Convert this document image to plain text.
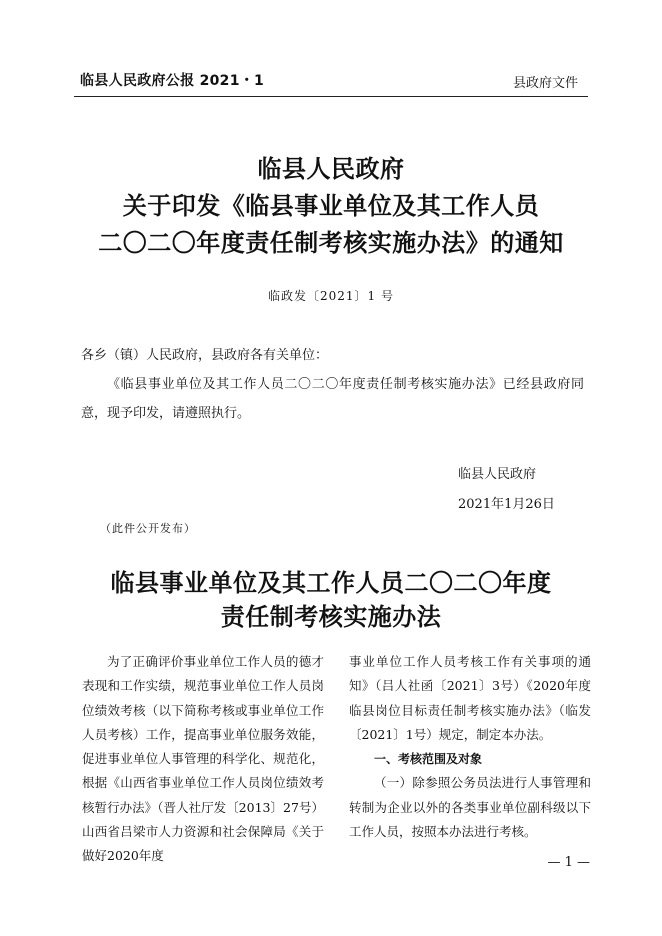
临县人民政府公报 2021・1	县政府文件
临县人民政府
关于印发《临县事业单位及其工作人员
二〇二〇年度责任制考核实施办法》的通知
临政发〔2021〕1 号
各乡（镇）人民政府，县政府各有关单位：
《临县事业单位及其工作人员二〇二〇年度责任制考核实施办法》已经县政府同意，现予印发，请遵照执行。
临县人民政府
2021年1月26日
（此件公开发布）
临县事业单位及其工作人员二〇二〇年度
责任制考核实施办法
为了正确评价事业单位工作人员的德才表现和工作实绩，规范事业单位工作人员岗位绩效考核（以下简称考核或事业单位工作人员考核）工作，提高事业单位服务效能，促进事业单位人事管理的科学化、规范化，根据《山西省事业单位工作人员岗位绩效考核暂行办法》（晋人社厅发〔2013〕27号）山西省吕梁市人力资源和社会保障局《关于做好2020年度
事业单位工作人员考核工作有关事项的通知》（吕人社函〔2021〕3号）《2020年度临县岗位目标责任制考核实施办法》（临发〔2021〕1号）规定，制定本办法。
一、考核范围及对象
（一）除参照公务员法进行人事管理和转制为企业以外的各类事业单位副科级以下工作人员，按照本办法进行考核。
— 1 —
